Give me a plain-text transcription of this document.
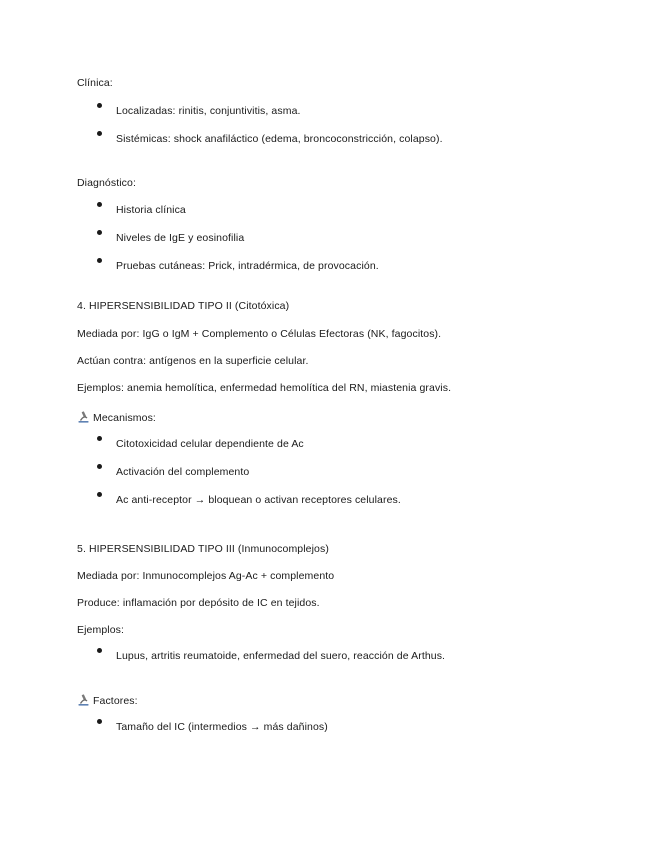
Clínica:
Localizadas: rinitis, conjuntivitis, asma.
Sistémicas: shock anafiláctico (edema, broncoconstricción, colapso).
Diagnóstico:
Historia clínica
Niveles de IgE y eosinofilia
Pruebas cutáneas: Prick, intradérmica, de provocación.
4. HIPERSENSIBILIDAD TIPO II (Citotóxica)
Mediada por: IgG o IgM + Complemento o Células Efectoras (NK, fagocitos).
Actúan contra: antígenos en la superficie celular.
Ejemplos: anemia hemolítica, enfermedad hemolítica del RN, miastenia gravis.
Mecanismos:
Citotoxicidad celular dependiente de Ac
Activación del complemento
Ac anti-receptor → bloquean o activan receptores celulares.
5. HIPERSENSIBILIDAD TIPO III (Inmunocomplejos)
Mediada por: Inmunocomplejos Ag-Ac + complemento
Produce: inflamación por depósito de IC en tejidos.
Ejemplos:
Lupus, artritis reumatoide, enfermedad del suero, reacción de Arthus.
Factores:
Tamaño del IC (intermedios → más dañinos)
